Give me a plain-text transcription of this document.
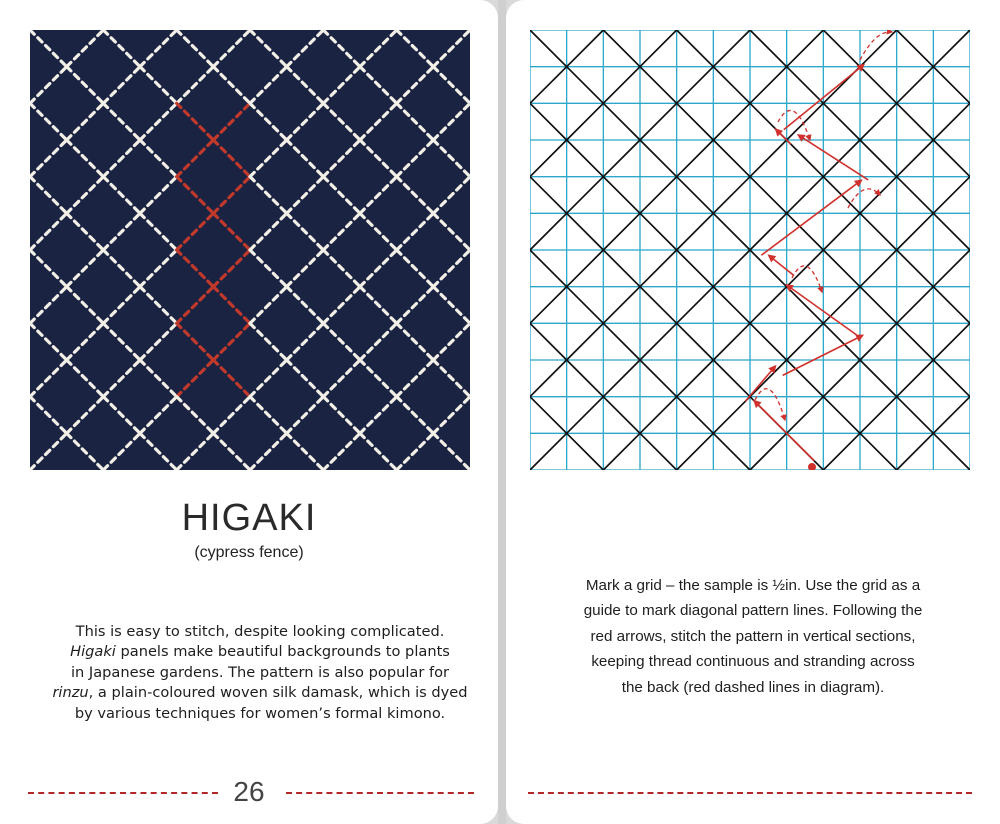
HIGAKI
(cypress fence)
This is easy to stitch, despite looking complicated.
Higaki panels make beautiful backgrounds to plants
in Japanese gardens. The pattern is also popular for
rinzu, a plain-coloured woven silk damask, which is dyed
by various techniques for women’s formal kimono.
26
Mark a grid – the sample is ½in. Use the grid as a
guide to mark diagonal pattern lines. Following the
red arrows, stitch the pattern in vertical sections,
keeping thread continuous and stranding across
the back (red dashed lines in diagram).
